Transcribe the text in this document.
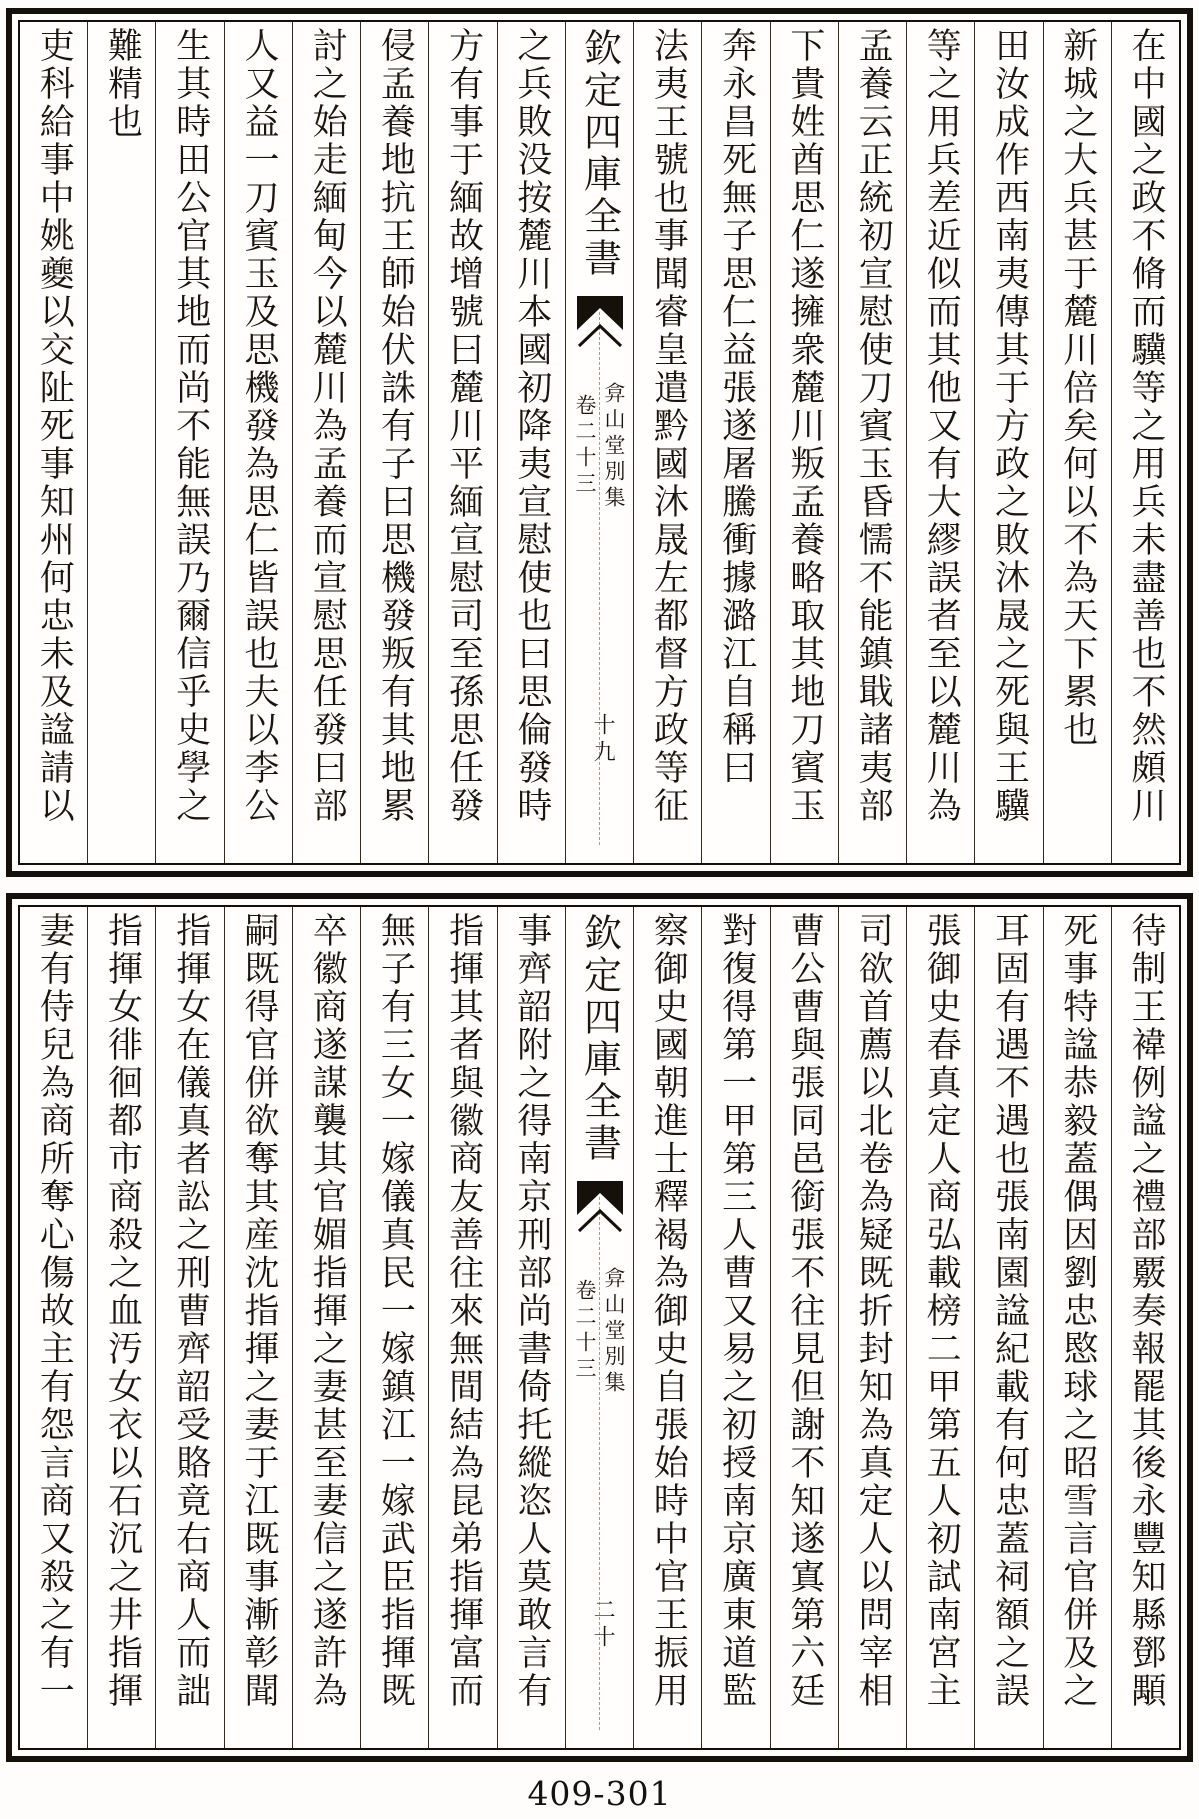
在中國之政不脩而驥等之用兵未盡善也不然頗川
新城之大兵甚于麓川倍矣何以不為天下累也
田汝成作西南夷傳其于方政之敗沐晟之死與王驥
等之用兵差近似而其他又有大繆誤者至以麓川為
孟養云正統初宣慰使刀賓玉昏懦不能鎮戢諸夷部
下貴姓酋思仁遂擁衆麓川叛孟養略取其地刀賓玉
奔永昌死無子思仁益張遂屠騰衝據潞江自稱曰
法夷王號也事聞睿皇遣黔國沐晟左都督方政等征
欽定四庫全書
弇山堂別集
卷二十三
十九
之兵敗没按麓川本國初降夷宣慰使也曰思倫發時
方有事于緬故增號曰麓川平緬宣慰司至孫思任發
侵孟養地抗王師始伏誅有子曰思機發叛有其地累
討之始走緬甸今以麓川為孟養而宣慰思任發曰部
人又益一刀賓玉及思機發為思仁皆誤也夫以李公
生其時田公官其地而尚不能無誤乃爾信乎史學之
難精也
吏科給事中姚夔以交阯死事知州何忠未及諡請以
待制王褘例諡之禮部覈奏報罷其後永豐知縣鄧顒
死事特諡恭毅蓋偶因劉忠愍球之昭雪言官併及之
耳固有遇不遇也張南園諡紀載有何忠蓋祠額之誤
張御史春真定人商弘載榜二甲第五人初試南宮主
司欲首薦以北卷為疑既折封知為真定人以問宰相
曹公曹與張同邑銜張不往見但謝不知遂寘第六廷
對復得第一甲第三人曹又易之初授南京廣東道監
察御史國朝進士釋褐為御史自張始時中官王振用
欽定四庫全書
弇山堂別集
卷二十三
二十
事齊韶附之得南京刑部尚書倚托縱恣人莫敢言有
指揮其者與徽商友善往來無間結為昆弟指揮富而
無子有三女一嫁儀真民一嫁鎮江一嫁武臣指揮既
卒徽商遂謀襲其官媚指揮之妻甚至妻信之遂許為
嗣既得官併欲奪其産沈指揮之妻于江既事漸彰聞
指揮女在儀真者訟之刑曹齊韶受賂竟右商人而詘
指揮女徘徊都市商殺之血汚女衣以石沉之井指揮
妻有侍兒為商所奪心傷故主有怨言商又殺之有一
409-301
